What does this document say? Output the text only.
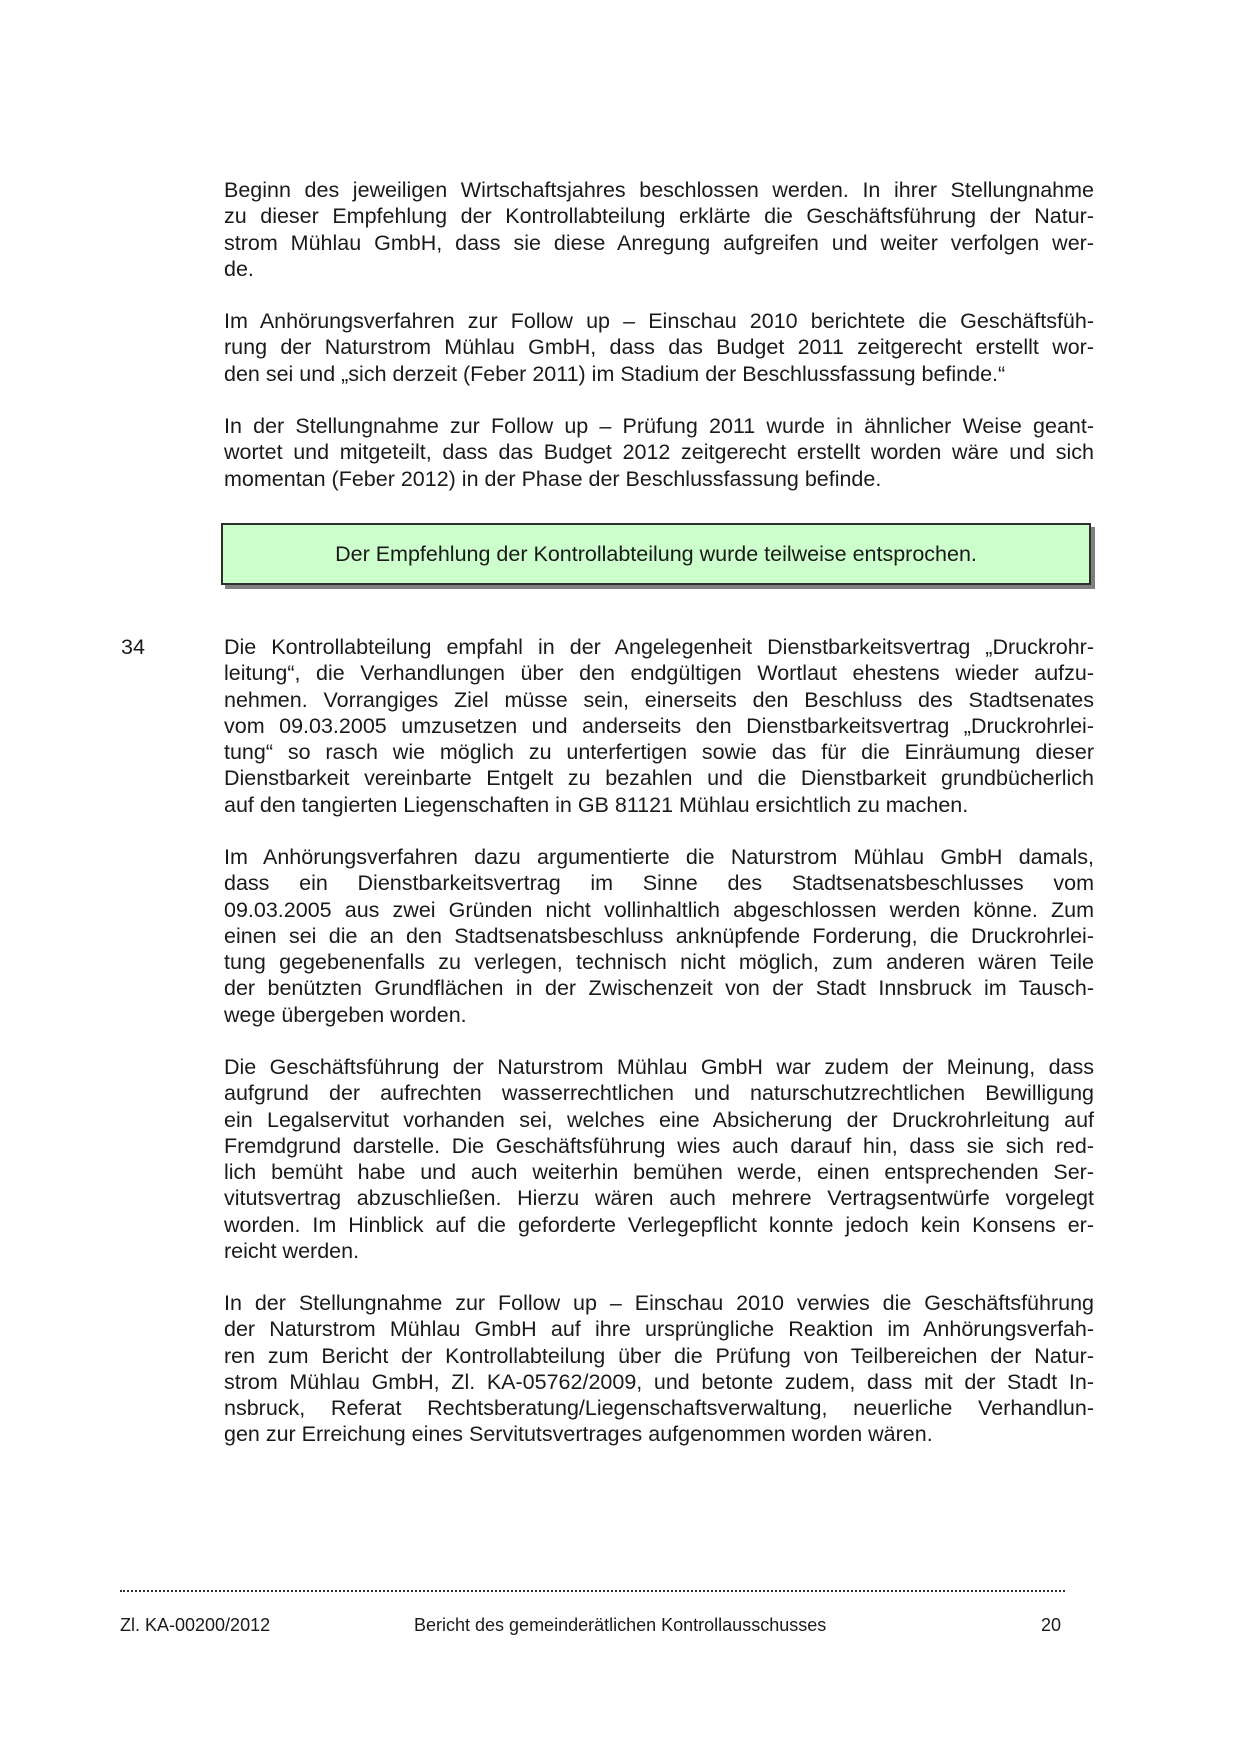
Beginn des jeweiligen Wirtschaftsjahres beschlossen werden. In ihrer Stellungnahme
zu dieser Empfehlung der Kontrollabteilung erklärte die Geschäftsführung der Natur-
strom Mühlau GmbH, dass sie diese Anregung aufgreifen und weiter verfolgen wer-
de.
Im Anhörungsverfahren zur Follow up – Einschau 2010 berichtete die Geschäftsfüh-
rung der Naturstrom Mühlau GmbH, dass das Budget 2011 zeitgerecht erstellt wor-
den sei und „sich derzeit (Feber 2011) im Stadium der Beschlussfassung befinde.“
In der Stellungnahme zur Follow up – Prüfung 2011 wurde in ähnlicher Weise geant-
wortet und mitgeteilt, dass das Budget 2012 zeitgerecht erstellt worden wäre und sich
momentan (Feber 2012) in der Phase der Beschlussfassung befinde.
Der Empfehlung der Kontrollabteilung wurde teilweise entsprochen.
34	Die Kontrollabteilung empfahl in der Angelegenheit Dienstbarkeitsvertrag „Druckrohr-
leitung“, die Verhandlungen über den endgültigen Wortlaut ehestens wieder aufzu-
nehmen. Vorrangiges Ziel müsse sein, einerseits den Beschluss des Stadtsenates
vom 09.03.2005 umzusetzen und anderseits den Dienstbarkeitsvertrag „Druckrohrlei-
tung“ so rasch wie möglich zu unterfertigen sowie das für die Einräumung dieser
Dienstbarkeit vereinbarte Entgelt zu bezahlen und die Dienstbarkeit grundbücherlich
auf den tangierten Liegenschaften in GB 81121 Mühlau ersichtlich zu machen.
Im Anhörungsverfahren dazu argumentierte die Naturstrom Mühlau GmbH damals,
dass ein Dienstbarkeitsvertrag im Sinne des Stadtsenatsbeschlusses vom
09.03.2005 aus zwei Gründen nicht vollinhaltlich abgeschlossen werden könne. Zum
einen sei die an den Stadtsenatsbeschluss anknüpfende Forderung, die Druckrohrlei-
tung gegebenenfalls zu verlegen, technisch nicht möglich, zum anderen wären Teile
der benützten Grundflächen in der Zwischenzeit von der Stadt Innsbruck im Tausch-
wege übergeben worden.
Die Geschäftsführung der Naturstrom Mühlau GmbH war zudem der Meinung, dass
aufgrund der aufrechten wasserrechtlichen und naturschutzrechtlichen Bewilligung
ein Legalservitut vorhanden sei, welches eine Absicherung der Druckrohrleitung auf
Fremdgrund darstelle. Die Geschäftsführung wies auch darauf hin, dass sie sich red-
lich bemüht habe und auch weiterhin bemühen werde, einen entsprechenden Ser-
vitutsvertrag abzuschließen. Hierzu wären auch mehrere Vertragsentwürfe vorgelegt
worden. Im Hinblick auf die geforderte Verlegepflicht konnte jedoch kein Konsens er-
reicht werden.
In der Stellungnahme zur Follow up – Einschau 2010 verwies die Geschäftsführung
der Naturstrom Mühlau GmbH auf ihre ursprüngliche Reaktion im Anhörungsverfah-
ren zum Bericht der Kontrollabteilung über die Prüfung von Teilbereichen der Natur-
strom Mühlau GmbH, Zl. KA-05762/2009, und betonte zudem, dass mit der Stadt In-
nsbruck, Referat Rechtsberatung/Liegenschaftsverwaltung, neuerliche Verhandlun-
gen zur Erreichung eines Servitutsvertrages aufgenommen worden wären.
Zl. KA-00200/2012	Bericht des gemeinderätlichen Kontrollausschusses	20
